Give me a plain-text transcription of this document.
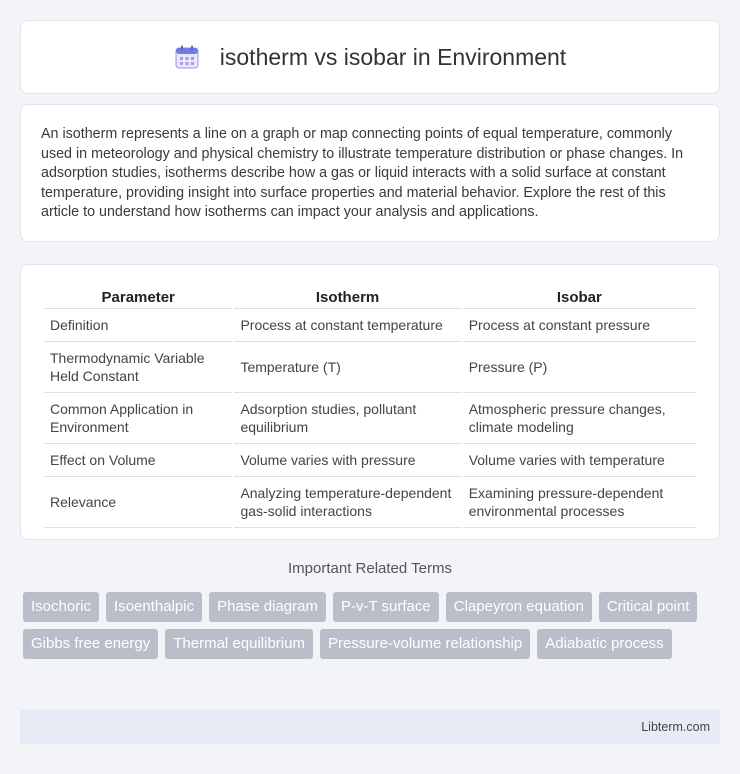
isotherm vs isobar in Environment

An isotherm represents a line on a graph or map connecting points of equal temperature, commonly used in meteorology and physical chemistry to illustrate temperature distribution or phase changes. In adsorption studies, isotherms describe how a gas or liquid interacts with a solid surface at constant temperature, providing insight into surface properties and material behavior. Explore the rest of this article to understand how isotherms can impact your analysis and applications.

Parameter	Isotherm	Isobar
Definition	Process at constant temperature	Process at constant pressure
Thermodynamic Variable Held Constant	Temperature (T)	Pressure (P)
Common Application in Environment	Adsorption studies, pollutant equilibrium	Atmospheric pressure changes, climate modeling
Effect on Volume	Volume varies with pressure	Volume varies with temperature
Relevance	Analyzing temperature-dependent gas-solid interactions	Examining pressure-dependent environmental processes
Important Related Terms
Isochoric	Isoenthalpic	Phase diagram	P-v-T surface	Clapeyron equation	Critical point
Gibbs free energy	Thermal equilibrium	Pressure-volume relationship	Adiabatic process
Libterm.com
